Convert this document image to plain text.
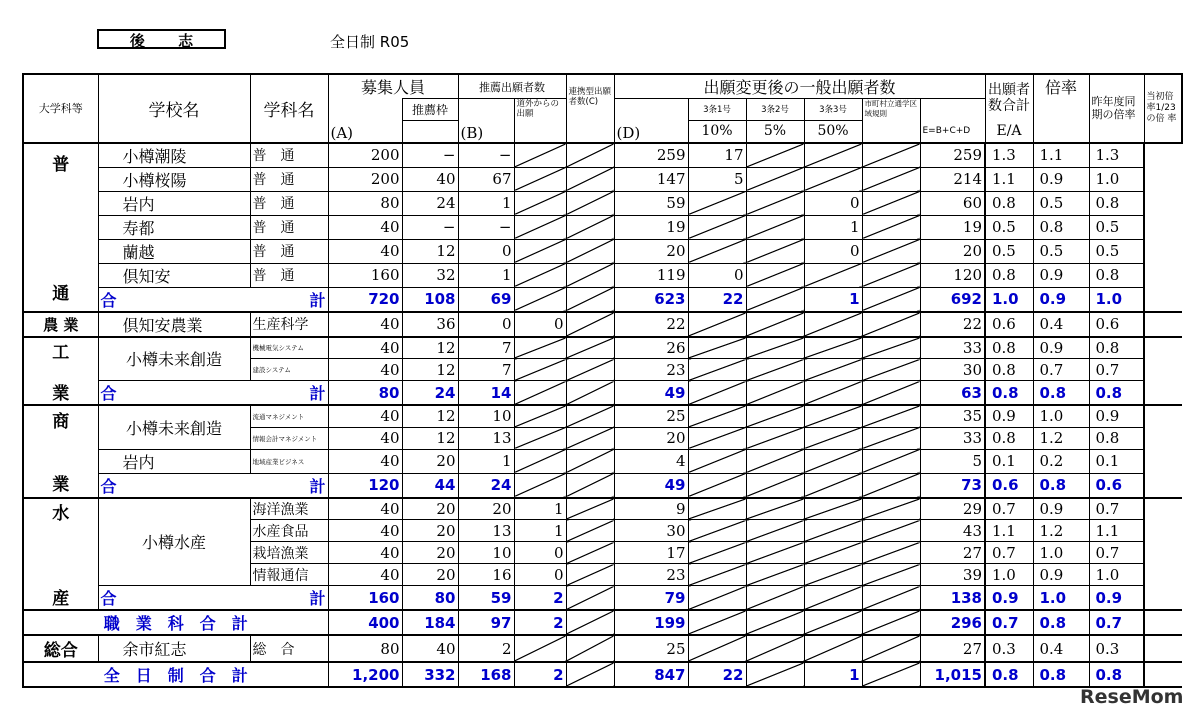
後 志	全日制 R05
大学科等	学校名	学科名	募集人員		推薦出願者数		連携型出願者数(C)	出願変更後の一般出願者数						出願者数合計	倍率	昨年度同期の倍率	当初倍率1/23 の倍 率
			(A)	推薦枠	(B)	道外からの出願		(D)	3条1号	3条2号	3条3号	市町村立通学区域規則					
									10%	5%	50%		E=B+C+D	E/A			

普
通	小樽潮陵	普　通	200	−	−			259	17				259	1.3	1.1	1.3	
	小樽桜陽	普　通	200	40	67			147	5				214	1.1	0.9	1.0	
	岩内	普　通	80	24	1			59			0		60	0.8	0.5	0.8	
	寿都	普　通	40	−	−			19			1		19	0.5	0.8	0.5	
	蘭越	普　通	40	12	0			20			0		20	0.5	0.5	0.5	
	倶知安	普　通	160	32	1			119	0				120	0.8	0.9	0.8	

	合 計		720	108	69			623	22		1		692	1.0	0.9	1.0	
農 業	倶知安農業	生産科学	40	36	0	0		22					22	0.6	0.4	0.6	

工
業	小樽未来創造	機械電気システム	40	12	7			26					33	0.8	0.9	0.8	
		建設システム	40	12	7			23					30	0.8	0.7	0.7	

	合 計		80	24	14			49					63	0.8	0.8	0.8	

商
業	小樽未来創造	流通マネジメント	40	12	10			25					35	0.9	1.0	0.9	
		情報会計マネジメント	40	12	13			20					33	0.8	1.2	0.8	
	岩内	地域産業ビジネス	40	20	1			4					5	0.1	0.2	0.1	

	合 計		120	44	24			49					73	0.6	0.8	0.6	

水
産	小樽水産	海洋漁業	40	20	20	1		9					29	0.7	0.9	0.7	
		水産食品	40	20	13	1		30					43	1.1	1.2	1.1	
		栽培漁業	40	20	10	0		17					27	0.7	1.0	0.7	
		情報通信	40	20	16	0		23					39	1.0	0.9	1.0	

	合 計		160	80	59	2		79					138	0.9	1.0	0.9	
職　業　科　合　計			400	184	97	2		199					296	0.7	0.8	0.7	
総合	余市紅志	総　合	80	40	2			25					27	0.3	0.4	0.3	
全　日　制　合　計			1,200	332	168	2		847	22		1		1,015	0.8	0.8	0.8	
ReseMom
